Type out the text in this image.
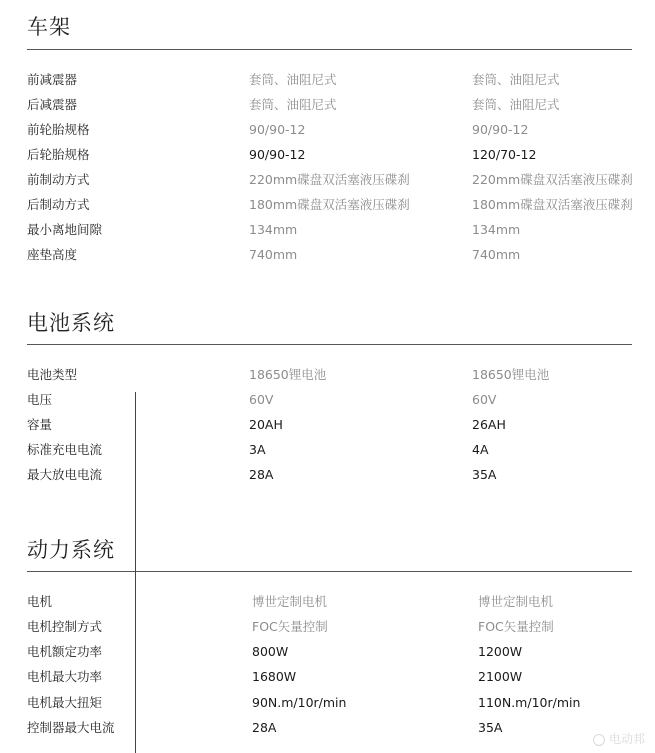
车架
前减震器	套筒、油阻尼式	套筒、油阻尼式
后减震器	套筒、油阻尼式	套筒、油阻尼式
前轮胎规格	90/90-12	90/90-12
后轮胎规格	90/90-12	120/70-12
前制动方式	220mm碟盘双活塞液压碟刹	220mm碟盘双活塞液压碟刹
后制动方式	180mm碟盘双活塞液压碟刹	180mm碟盘双活塞液压碟刹
最小离地间隙	134mm	134mm
座垫高度	740mm	740mm
电池系统
电池类型	18650锂电池	18650锂电池
电压	60V	60V
容量	20AH	26AH
标准充电电流	3A	4A
最大放电电流	28A	35A
动力系统
电机	博世定制电机	博世定制电机
电机控制方式	FOC矢量控制	FOC矢量控制
电机额定功率	800W	1200W
电机最大功率	1680W	2100W
电机最大扭矩	90N.m/10r/min	110N.m/10r/min
控制器最大电流	28A	35A
电动邦
